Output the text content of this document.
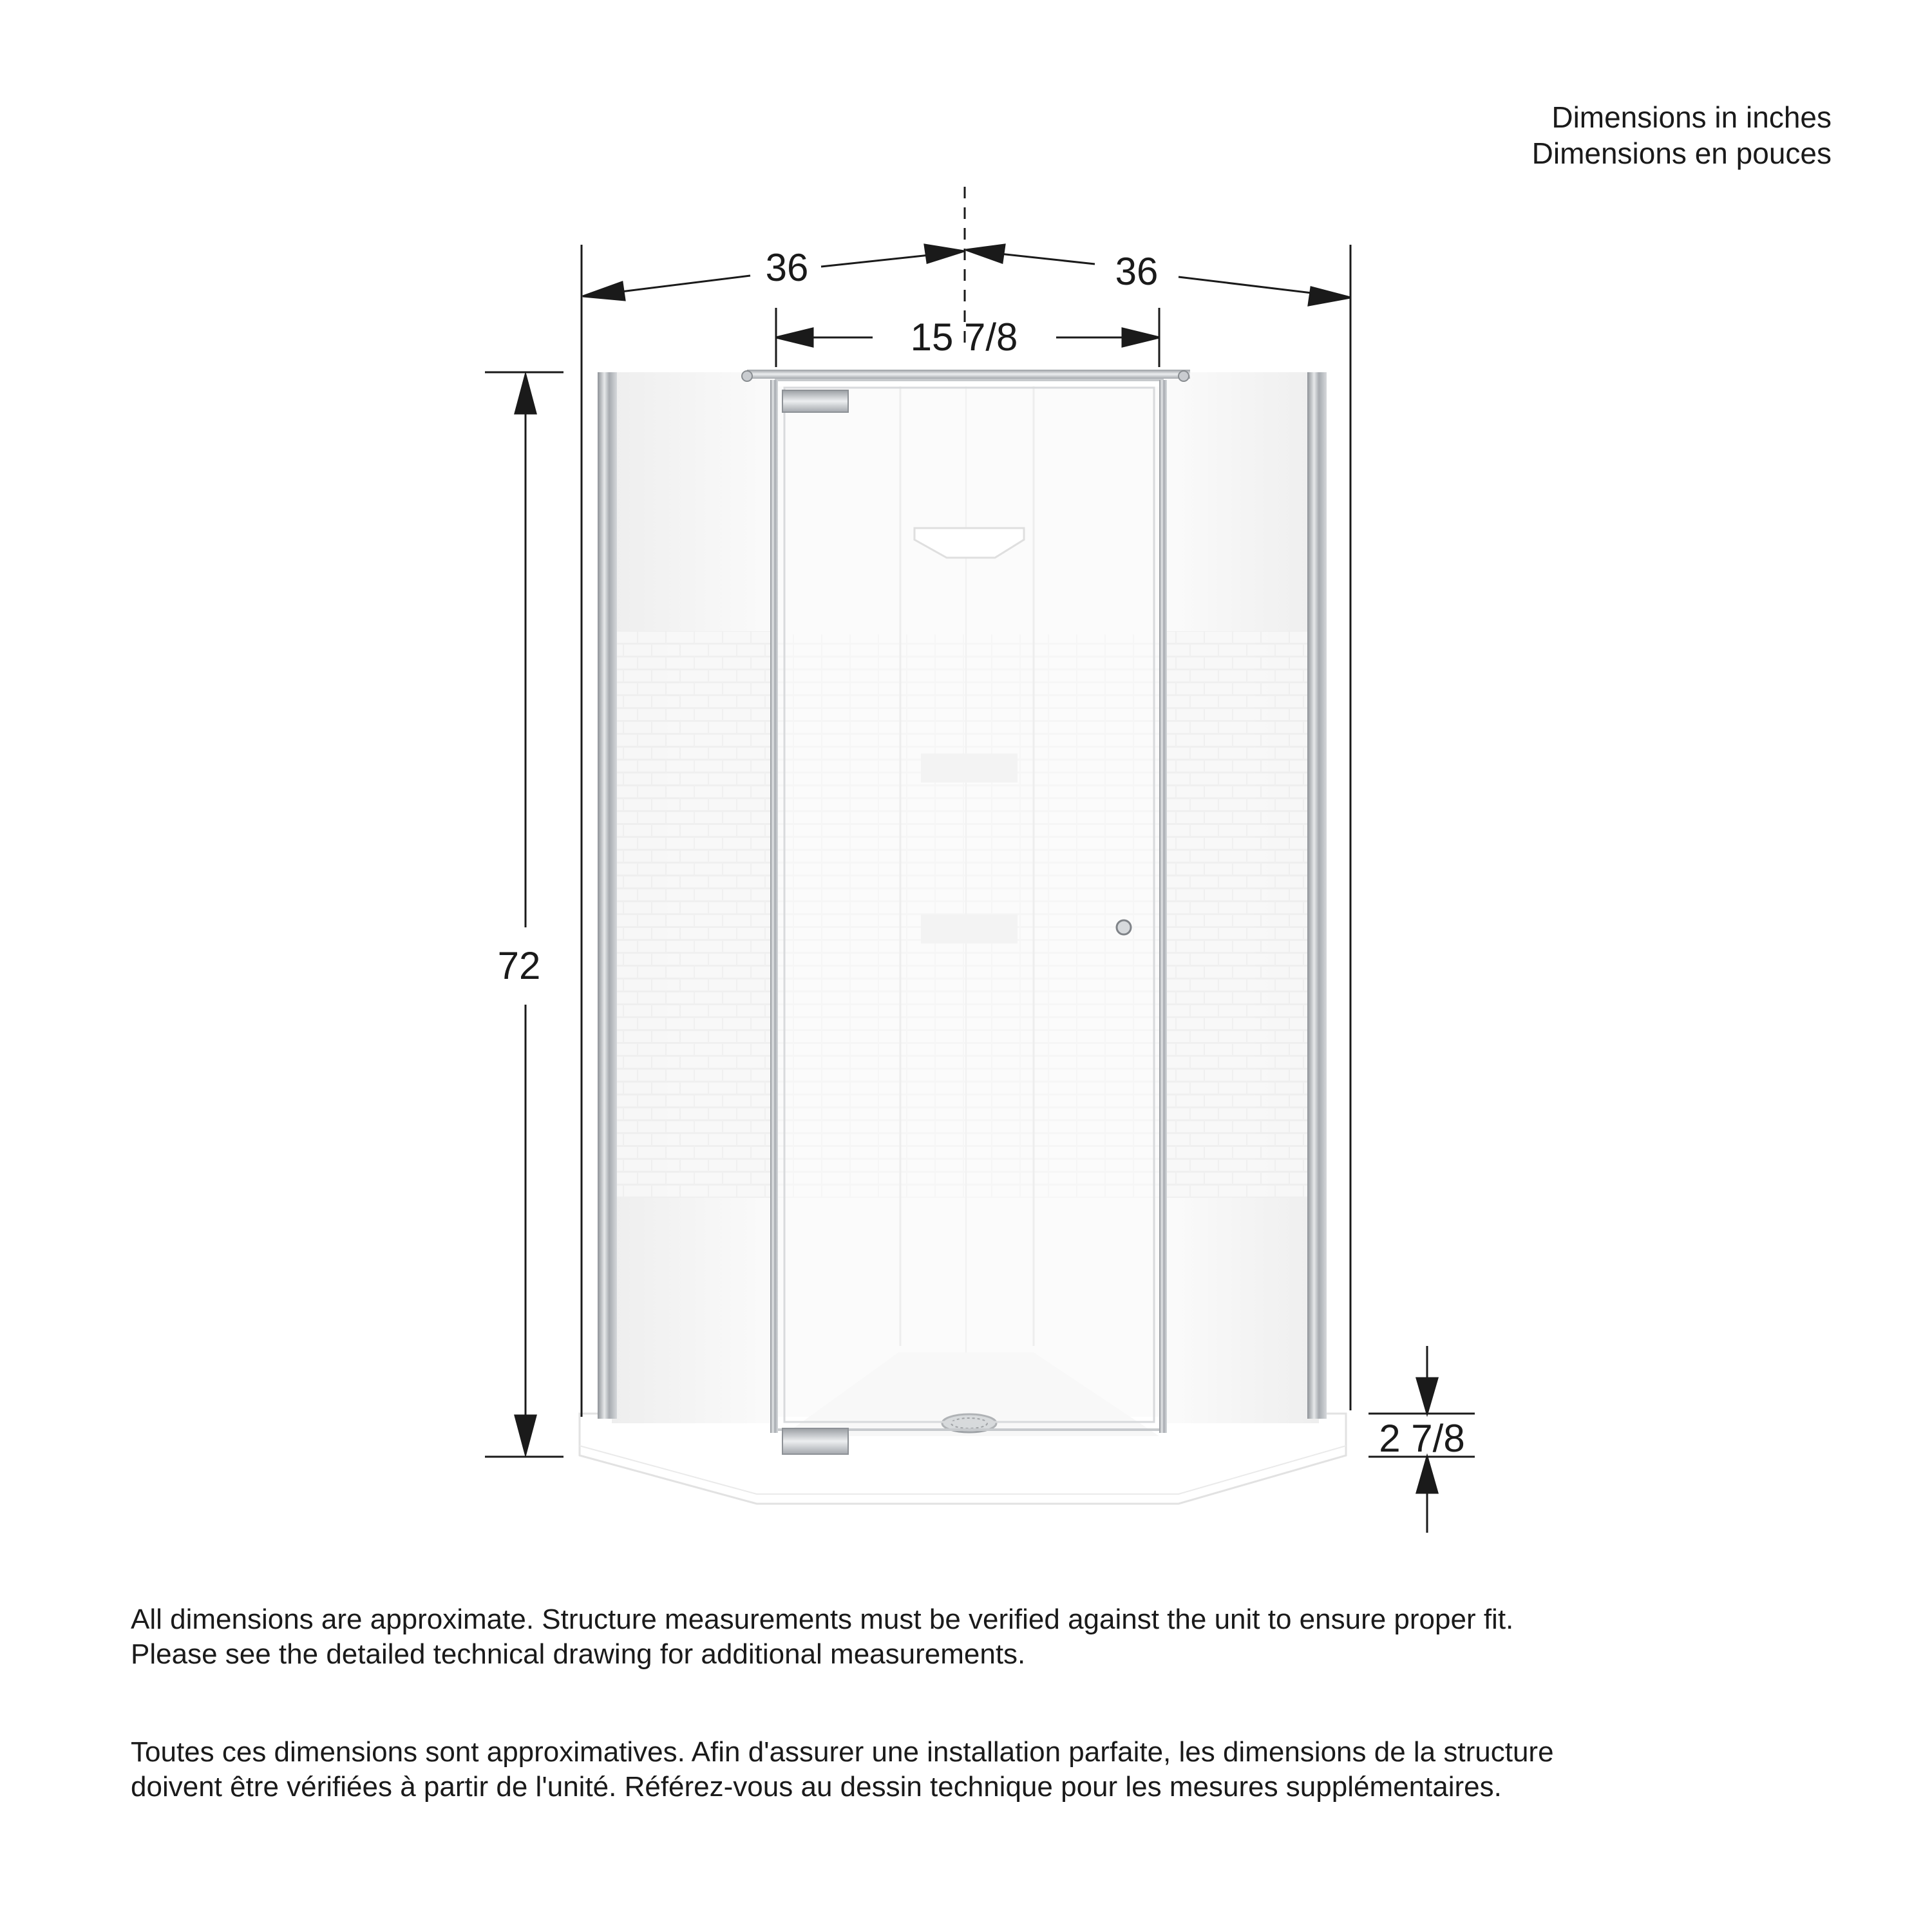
Dimensions in inches
Dimensions en pouces
36	36
15 7/8
72
2 7/8
All dimensions are approximate. Structure measurements must be verified against the unit to ensure proper fit. Please see the detailed technical drawing for additional measurements.
Toutes ces dimensions sont approximatives. Afin d'assurer une installation parfaite, les dimensions de la structure doivent être vérifiées à partir de l'unité. Référez-vous au dessin technique pour les mesures supplémentaires.
